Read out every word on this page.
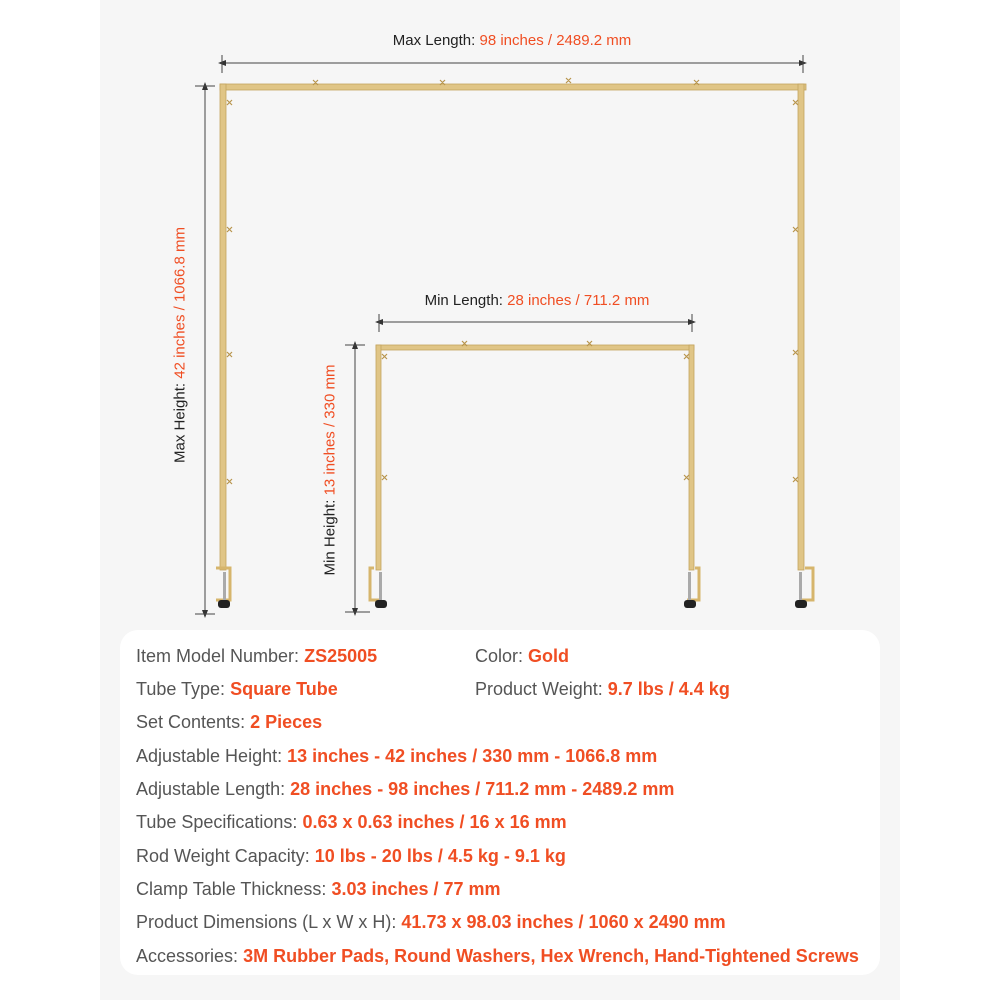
Max Length: 98 inches / 2489.2 mm
Max Height: 42 inches / 1066.8 mm	Min Length: 28 inches / 711.2 mm
Min Height: 13 inches / 330 mm
Item Model Number: ZS25005	Color: Gold
Tube Type: Square Tube	Product Weight: 9.7 lbs / 4.4 kg
Set Contents: 2 Pieces
Adjustable Height: 13 inches - 42 inches / 330 mm - 1066.8 mm
Adjustable Length: 28 inches - 98 inches / 711.2 mm - 2489.2 mm
Tube Specifications: 0.63 x 0.63 inches / 16 x 16 mm
Rod Weight Capacity: 10 lbs - 20 lbs / 4.5 kg - 9.1 kg
Clamp Table Thickness: 3.03 inches / 77 mm
Product Dimensions (L x W x H): 41.73 x 98.03 inches / 1060 x 2490 mm
Accessories: 3M Rubber Pads, Round Washers, Hex Wrench, Hand-Tightened Screws
